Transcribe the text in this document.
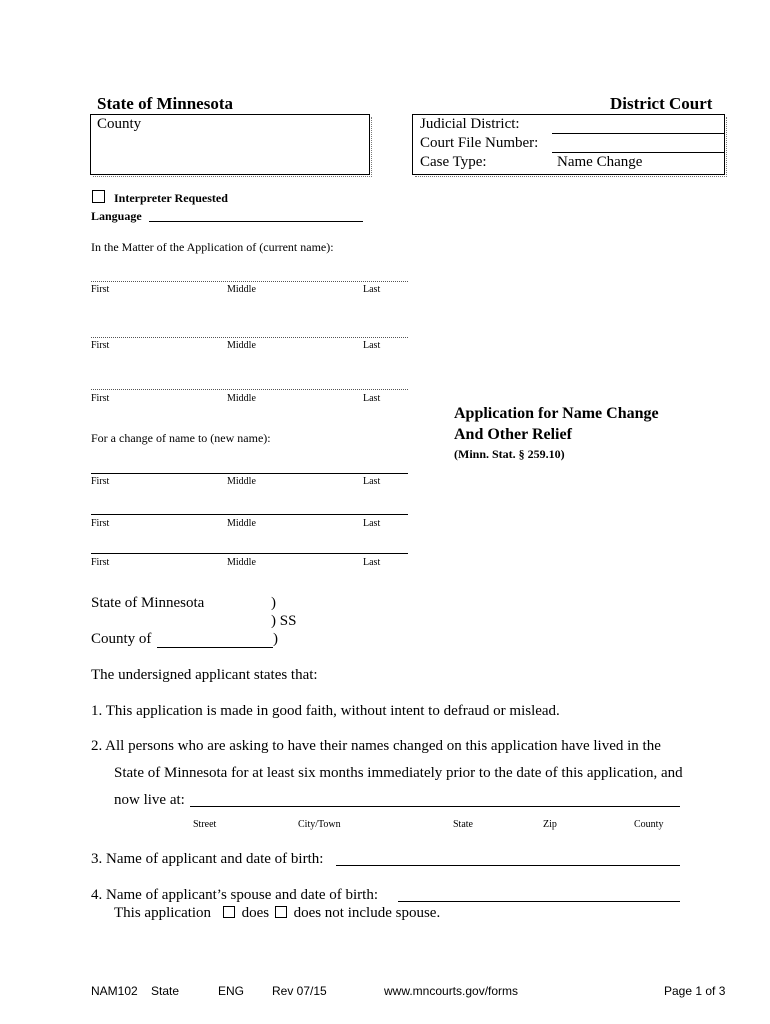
State of Minnesota	District Court
County	Judicial District:
Court File Number:
Case Type:	Name Change
Interpreter Requested
Language
In the Matter of the Application of (current name):
First	Middle	Last
First	Middle	Last
First	Middle	Last
Application for Name Change
And Other Relief
(Minn. Stat. § 259.10)
For a change of name to (new name):
First	Middle	Last
First	Middle	Last
First	Middle	Last
State of Minnesota	)
) SS
County of	)
The undersigned applicant states that:
1. This application is made in good faith, without intent to defraud or mislead.
2. All persons who are asking to have their names changed on this application have lived in the
State of Minnesota for at least six months immediately prior to the date of this application, and
now live at:
Street	City/Town	State	Zip	County
3. Name of applicant and date of birth:
4. Name of applicant’s spouse and date of birth:
This application does does not include spouse.
NAM102 State	ENG Rev 07/15	www.mncourts.gov/forms	Page 1 of 3
